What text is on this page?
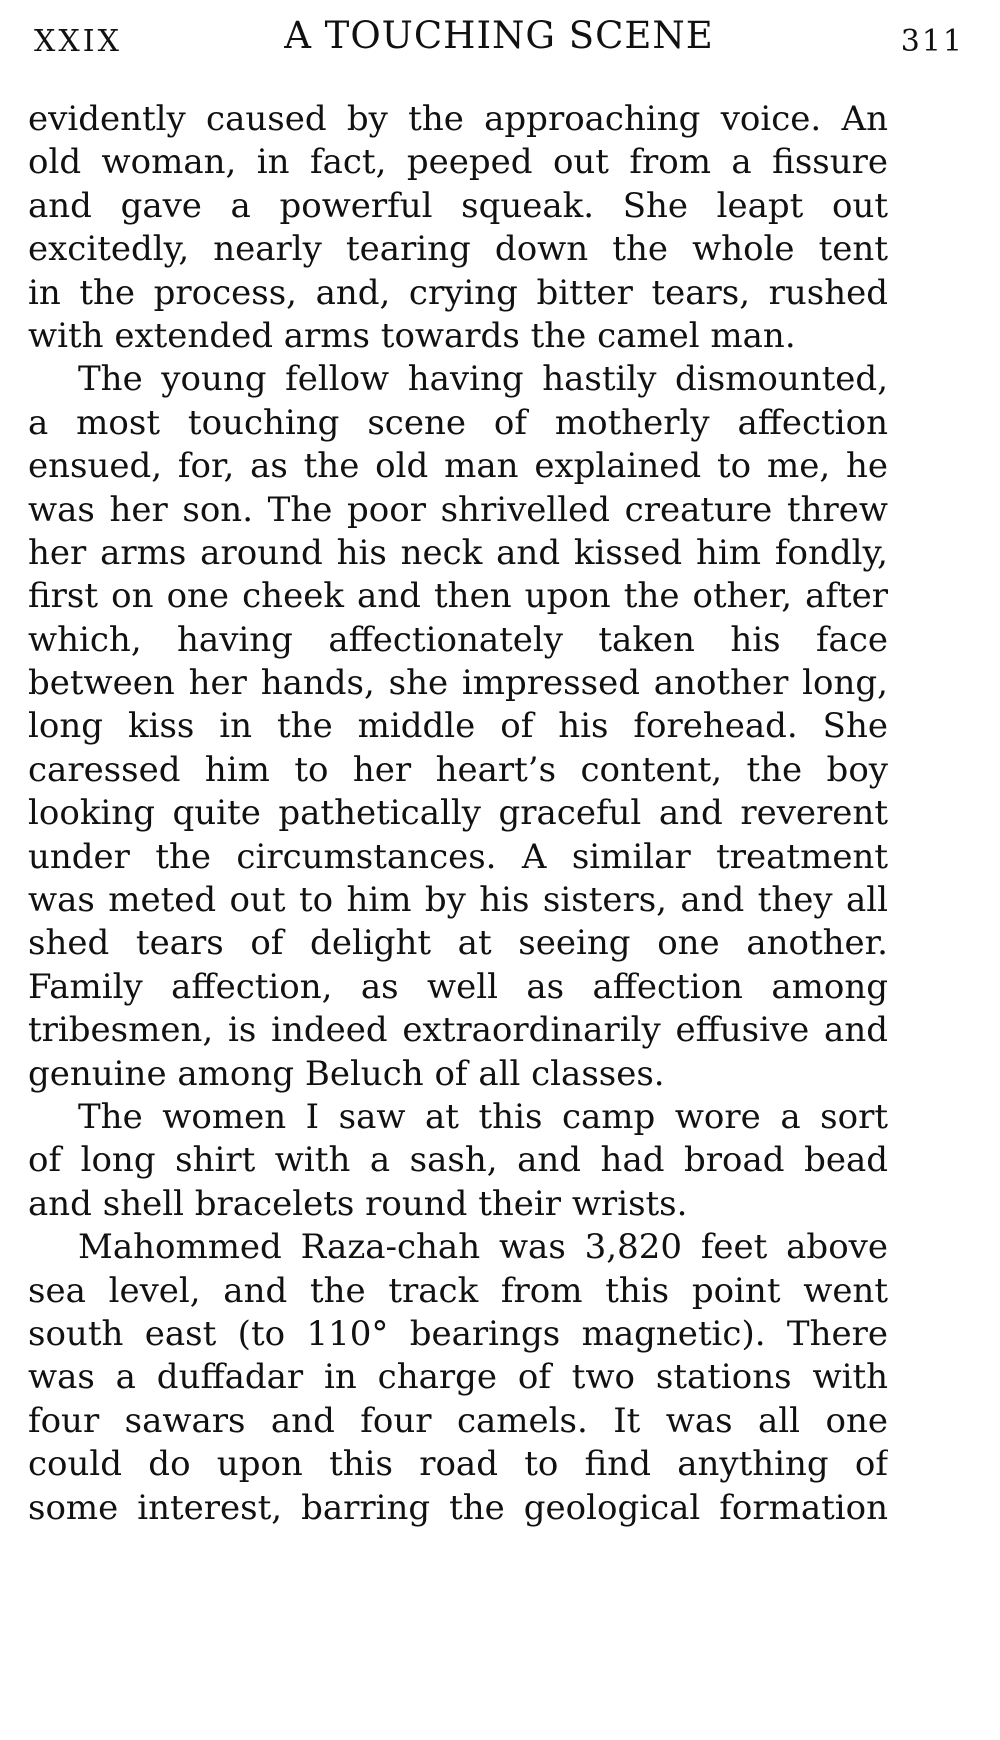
XXIX	A TOUCHING SCENE	311
evidently caused by the approaching voice. An
old woman, in fact, peeped out from a fissure
and gave a powerful squeak. She leapt out
excitedly, nearly tearing down the whole tent
in the process, and, crying bitter tears, rushed
with extended arms towards the camel man.
The young fellow having hastily dismounted,
a most touching scene of motherly affection
ensued, for, as the old man explained to me, he
was her son. The poor shrivelled creature threw
her arms around his neck and kissed him fondly,
first on one cheek and then upon the other, after
which, having affectionately taken his face
between her hands, she impressed another long,
long kiss in the middle of his forehead. She
caressed him to her heart’s content, the boy
looking quite pathetically graceful and reverent
under the circumstances. A similar treatment
was meted out to him by his sisters, and they all
shed tears of delight at seeing one another.
Family affection, as well as affection among
tribesmen, is indeed extraordinarily effusive and
genuine among Beluch of all classes.
The women I saw at this camp wore a sort
of long shirt with a sash, and had broad bead
and shell bracelets round their wrists.
Mahommed Raza-chah was 3,820 feet above
sea level, and the track from this point went
south east (to 110° bearings magnetic). There
was a duffadar in charge of two stations with
four sawars and four camels. It was all one
could do upon this road to find anything of
some interest, barring the geological formation
